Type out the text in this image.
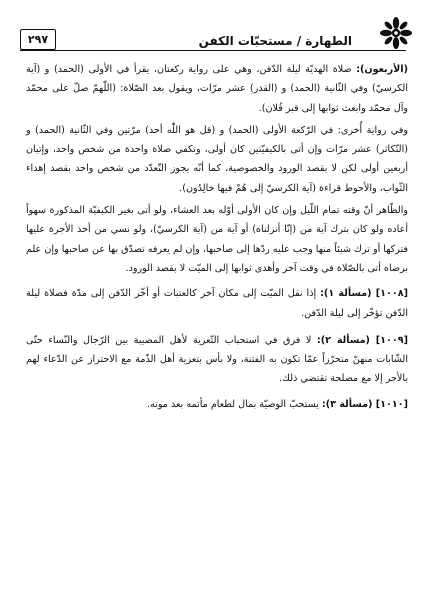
الطهارة / مستحبّات الكفن
٢٩٧

(الأربعون): صلاة الهديّة ليلة الدّفن، وهي على رواية ركعتان، يقرأ في الأولى (الحمد) و (آية الكرسيّ) وفي الثّانية (الحمد) و (القدر) عشر مرّات، ويقول بعد الصّلاة: (اللّٰهمّ صلّ على محمّد وآل محمّد وابعث ثوابها إلى قبر فُلان).

وفي رواية أُخرى: في الرّكعة الأولى (الحمد) و (قل هو اللّٰه أحد) مرّتين وفي الثّانية (الحمد) و (التّكاثر) عشر مرّات وإن أتى بالكيفيّتين كان أولى، وتكفي صلاة واحدة من شخص واحد، وإتيان أربعين أولى لكن لا بقصد الورود والخصوصية، كما أنّه يجوز التّعدّد من شخص واحد بقصد إهداء الثّواب، والأحوط قراءة (آية الكرسيّ إلى هُمْ فيها خالِدُون).

والظّاهر أنّ وقته تمام اللّيل وإن كان الأولى أوّله بعد العشاء، ولو أتى بغير الكيفيّة المذكورة سهواً أعاده ولو كان بترك آية من (إنّا أنزلناه) أو آية من (آية الكرسيّ)، ولو نسي من أخذ الأجرة عليها فتركها أو ترك شيئاً منها وجب عليه ردّها إلى صاحبها، وإن لم يعرفه تصدّق بها عن صاحبها وإن علم برضاه أتى بالصّلاة في وقت آخر وأهدى ثوابها إلى الميّت لا بقصد الورود.

[١٠٠٨] (مسألة ١): إذا نقل الميّت إلى مكان آخر كالعتبات أو أخّر الدّفن إلى مدّة فصلاة ليلة الدّفن تؤخّر إلى ليلة الدّفن.

[١٠٠٩] (مسألة ٢): لا فرق في استحباب التّعزية لأهل المصيبة بين الرّجال والنّساء حتّى الشّابات منهنّ متحرّزاً عمّا تكون به الفتنة، ولا بأس بتعزية أهل الذّمة مع الاحتراز عن الدّعاء لهم بالأجر إلا مع مصلحة تقتضي ذلك.

[١٠١٠] (مسألة ٣): يستحبّ الوصيّة بمال لطعام مأتمه بعد موته.
